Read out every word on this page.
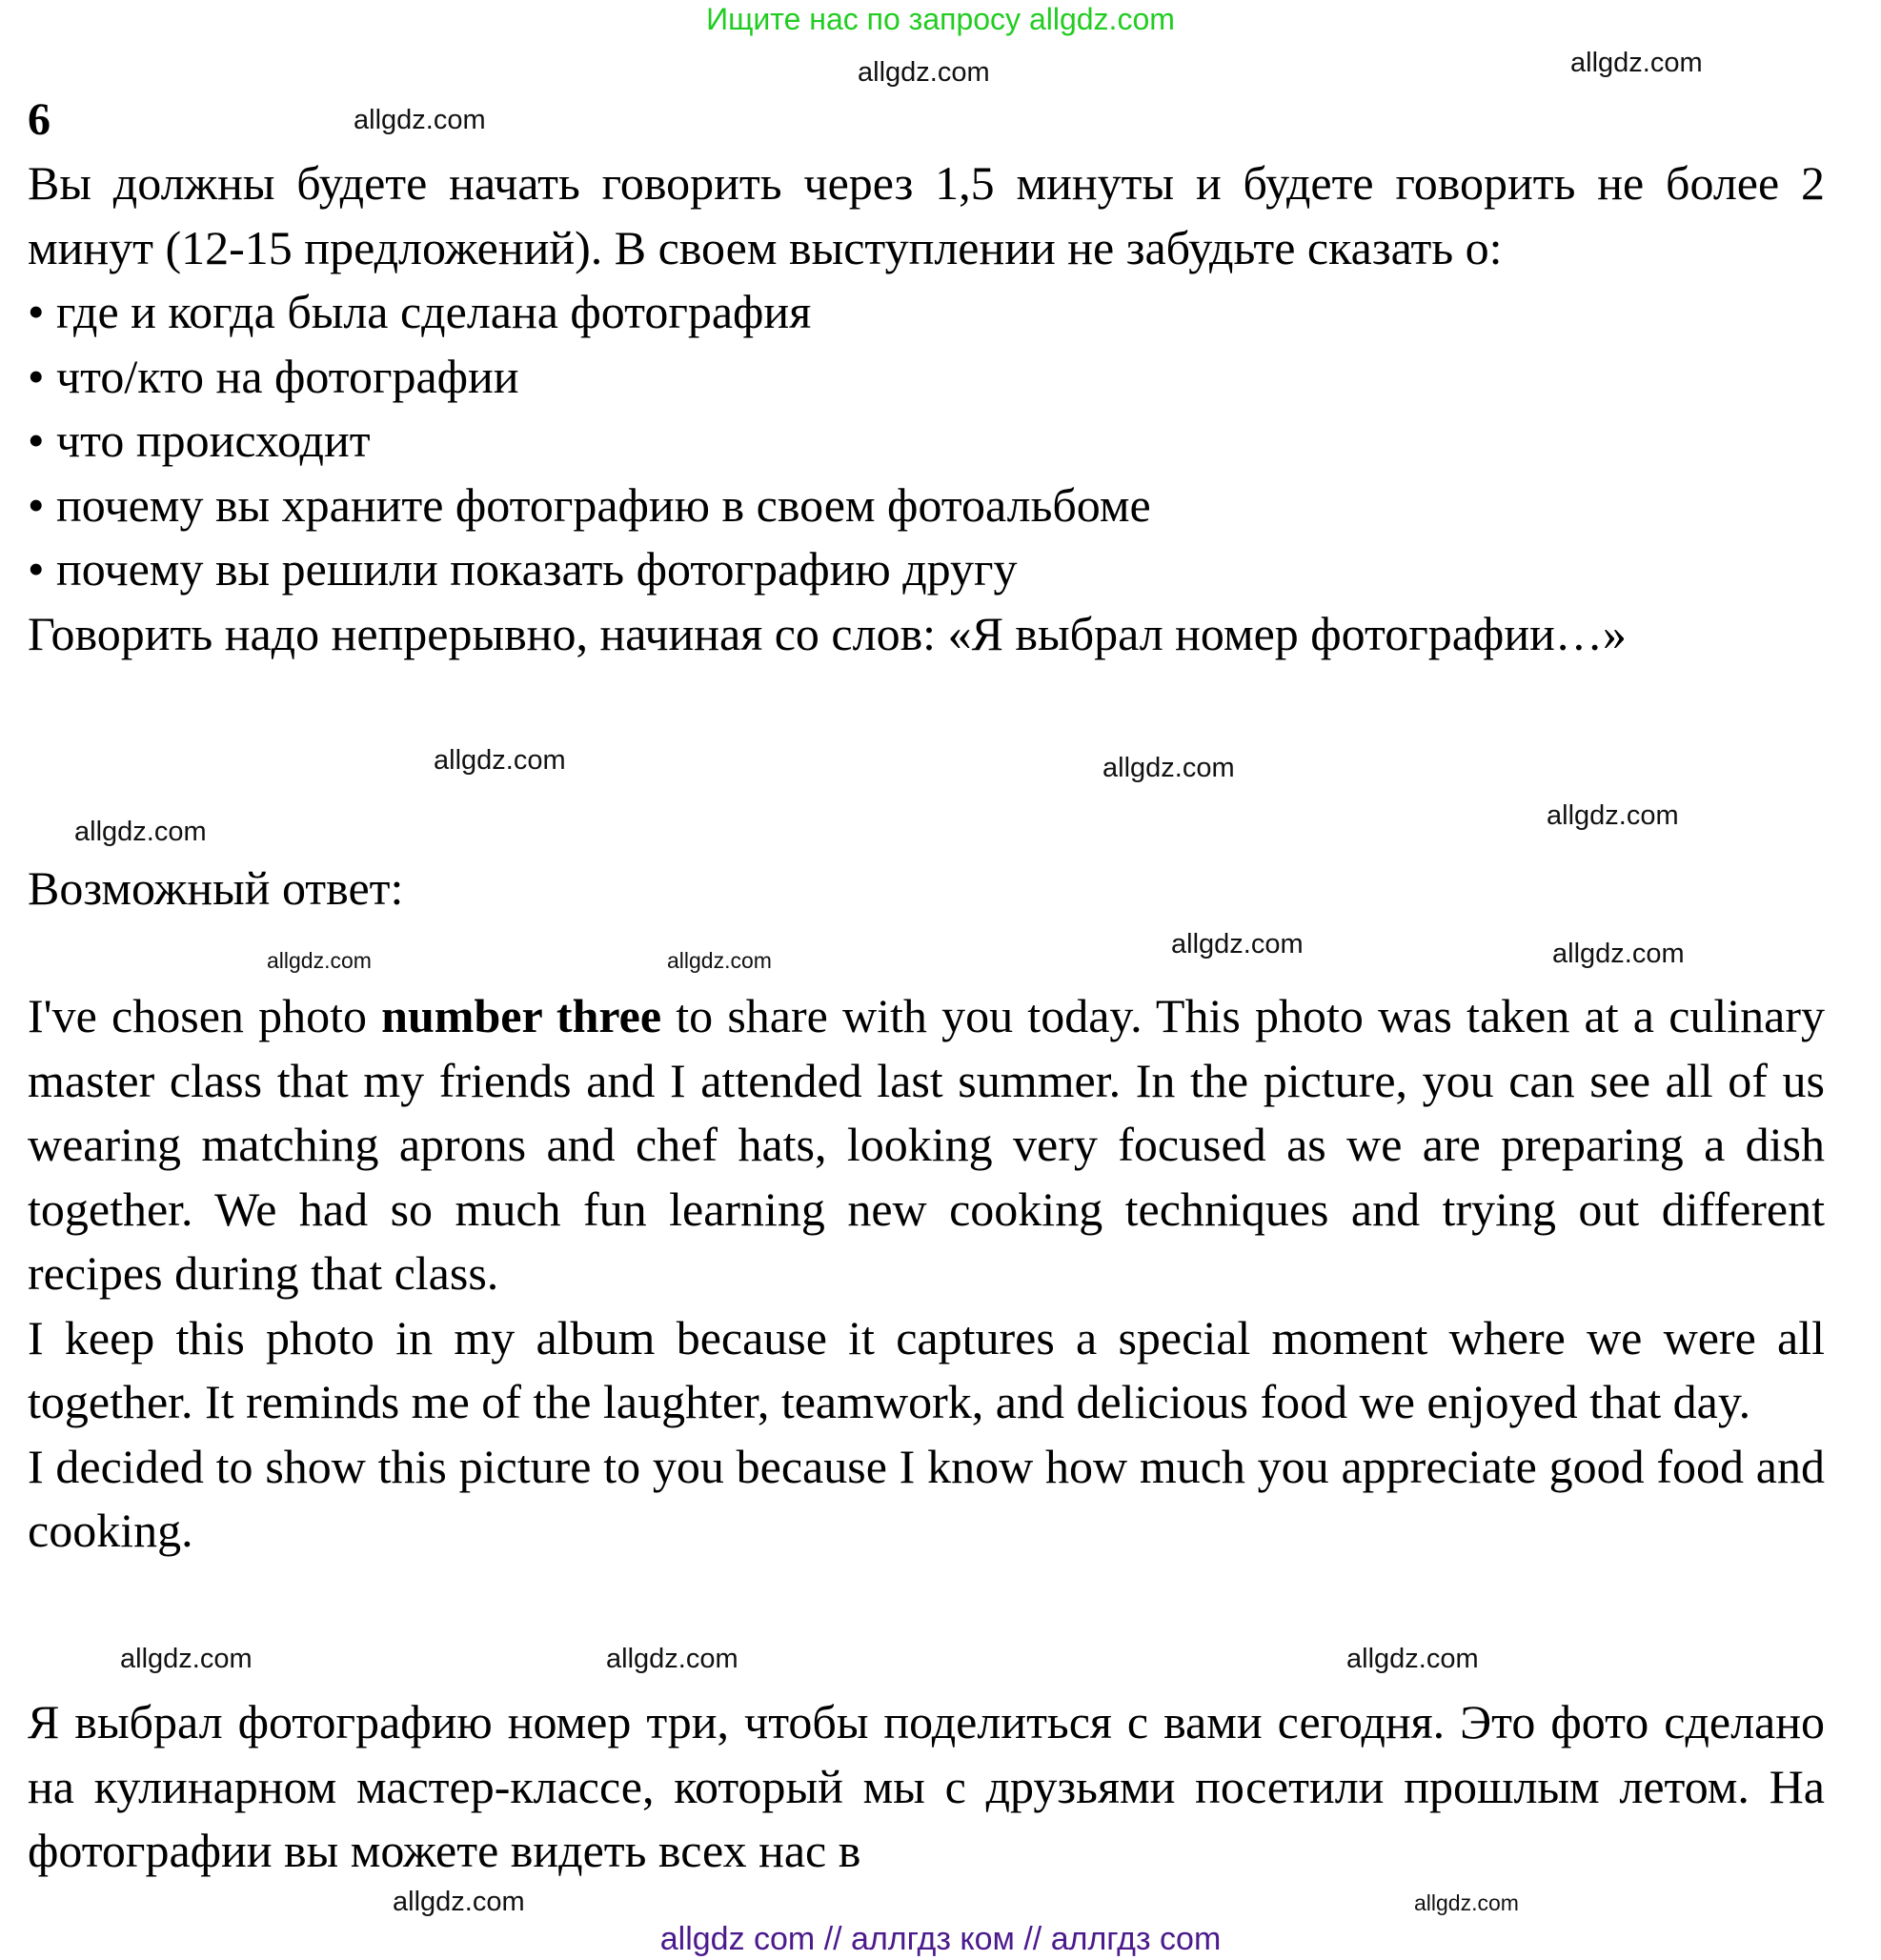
Ищите нас по запросу allgdz.com
6

Вы должны будете начать говорить через 1,5 минуты и будете говорить не более 2 минут (12-15 предложений). В своем выступлении не забудьте сказать о:

• где и когда была сделана фотография

• что/кто на фотографии

• что происходит

• почему вы храните фотографию в своем фотоальбоме

• почему вы решили показать фотографию другу

Говорить надо непрерывно, начиная со слов: «Я выбрал номер фотографии…»

Возможный ответ:

I've chosen photo number three to share with you today. This photo was taken at a culinary master class that my friends and I attended last summer. In the picture, you can see all of us wearing matching aprons and chef hats, looking very focused as we are preparing a dish together. We had so much fun learning new cooking techniques and trying out different recipes during that class.

I keep this photo in my album because it captures a special moment where we were all together. It reminds me of the laughter, teamwork, and delicious food we enjoyed that day.

I decided to show this picture to you because I know how much you appreciate good food and cooking.

Я выбрал фотографию номер три, чтобы поделиться с вами сегодня. Это фото сделано на кулинарном мастер-классе, который мы с друзьями посетили прошлым летом. На фотографии вы можете видеть всех нас в

allgdz.com
allgdz.com
allgdz.com
allgdz.com
allgdz.com
allgdz.com
allgdz.com
allgdz.com
allgdz.com	allgdz.com
allgdz.com
allgdz.com	allgdz.com
allgdz.com
allgdz.com
allgdz.com
allgdz com // аллгдз ком // аллгдз com
